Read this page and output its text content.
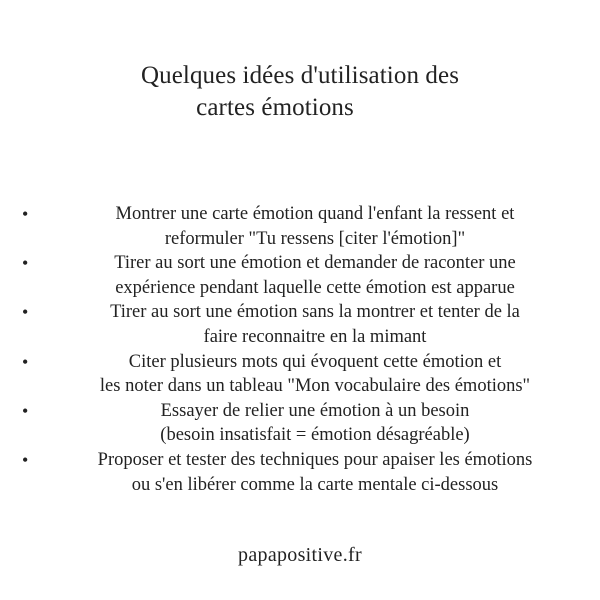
Quelques idées d'utilisation des
cartes émotions
•	Montrer une carte émotion quand l'enfant la ressent et
reformuler "Tu ressens [citer l'émotion]"
•	Tirer au sort une émotion et demander de raconter une
expérience pendant laquelle cette émotion est apparue
•	Tirer au sort une émotion sans la montrer et tenter de la
faire reconnaitre en la mimant
•	Citer plusieurs mots qui évoquent cette émotion et
les noter dans un tableau "Mon vocabulaire des émotions"
•	Essayer de relier une émotion à un besoin
(besoin insatisfait = émotion désagréable)
•	Proposer et tester des techniques pour apaiser les émotions
ou s'en libérer comme la carte mentale ci-dessous
papapositive.fr
